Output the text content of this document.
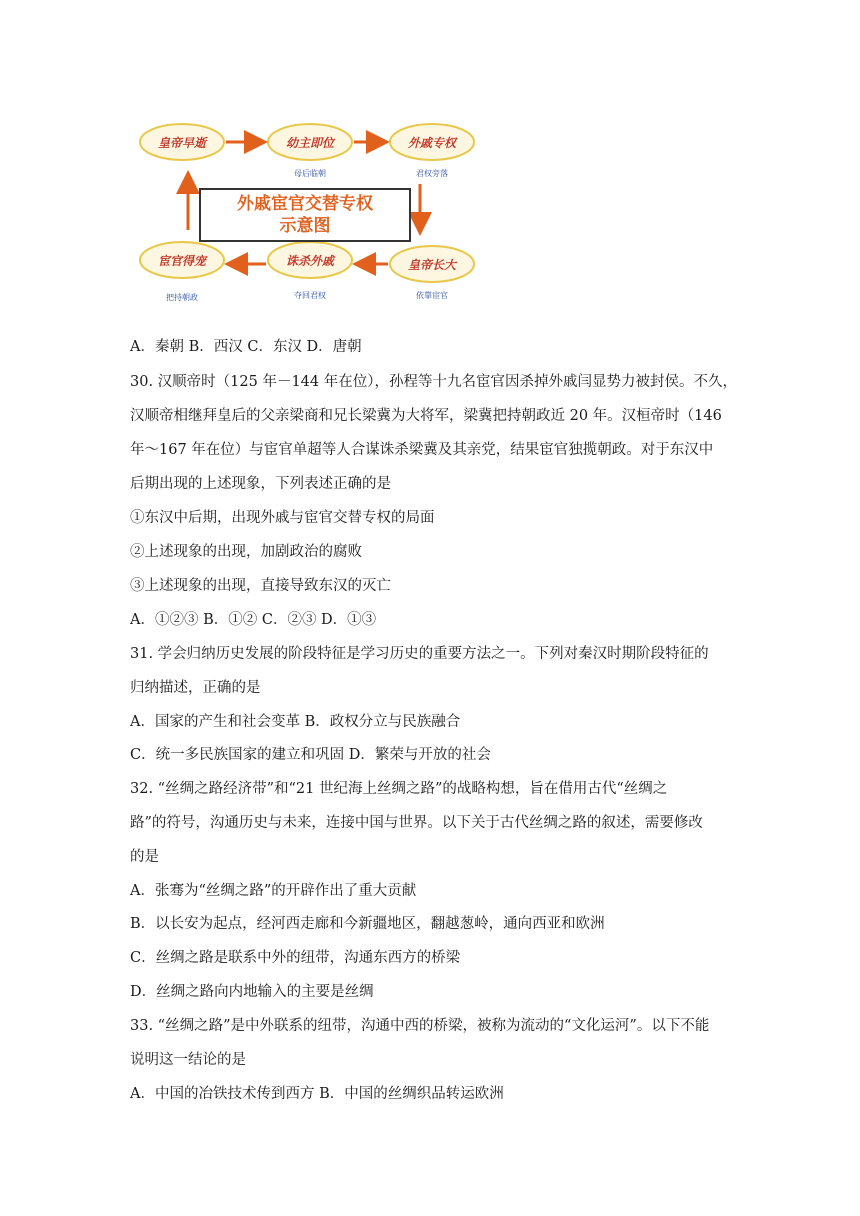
皇帝早逝	幼主即位	外戚专权
皇帝长大
诛杀外戚
宦官得宠
母后临朝	君权旁落
依靠宦官
夺回君权
把持朝政
外戚宦官交替专权
示意图
A．秦朝 B．西汉 C．东汉 D．唐朝
30. 汉顺帝时（125 年－144 年在位），孙程等十九名宦官因杀掉外戚闫显势力被封侯。不久，
汉顺帝相继拜皇后的父亲梁商和兄长梁冀为大将军，梁冀把持朝政近 20 年。汉桓帝时（146
年～167 年在位）与宦官单超等人合谋诛杀梁冀及其亲党，结果宦官独揽朝政。对于东汉中
后期出现的上述现象，下列表述正确的是
①东汉中后期，出现外戚与宦官交替专权的局面
②上述现象的出现，加剧政治的腐败
③上述现象的出现，直接导致东汉的灭亡
A．①②③ B．①② C．②③ D．①③
31. 学会归纳历史发展的阶段特征是学习历史的重要方法之一。下列对秦汉时期阶段特征的
归纳描述，正确的是
A．国家的产生和社会变革 B．政权分立与民族融合
C．统一多民族国家的建立和巩固 D．繁荣与开放的社会
32. “丝绸之路经济带”和“21 世纪海上丝绸之路”的战略构想，旨在借用古代“丝绸之
路”的符号，沟通历史与未来，连接中国与世界。以下关于古代丝绸之路的叙述，需要修改
的是
A．张骞为“丝绸之路”的开辟作出了重大贡献
B．以长安为起点，经河西走廊和今新疆地区，翻越葱岭，通向西亚和欧洲
C．丝绸之路是联系中外的纽带，沟通东西方的桥梁
D．丝绸之路向内地输入的主要是丝绸
33. “丝绸之路”是中外联系的纽带，沟通中西的桥梁，被称为流动的“文化运河”。以下不能
说明这一结论的是
A．中国的冶铁技术传到西方 B．中国的丝绸织品转运欧洲
